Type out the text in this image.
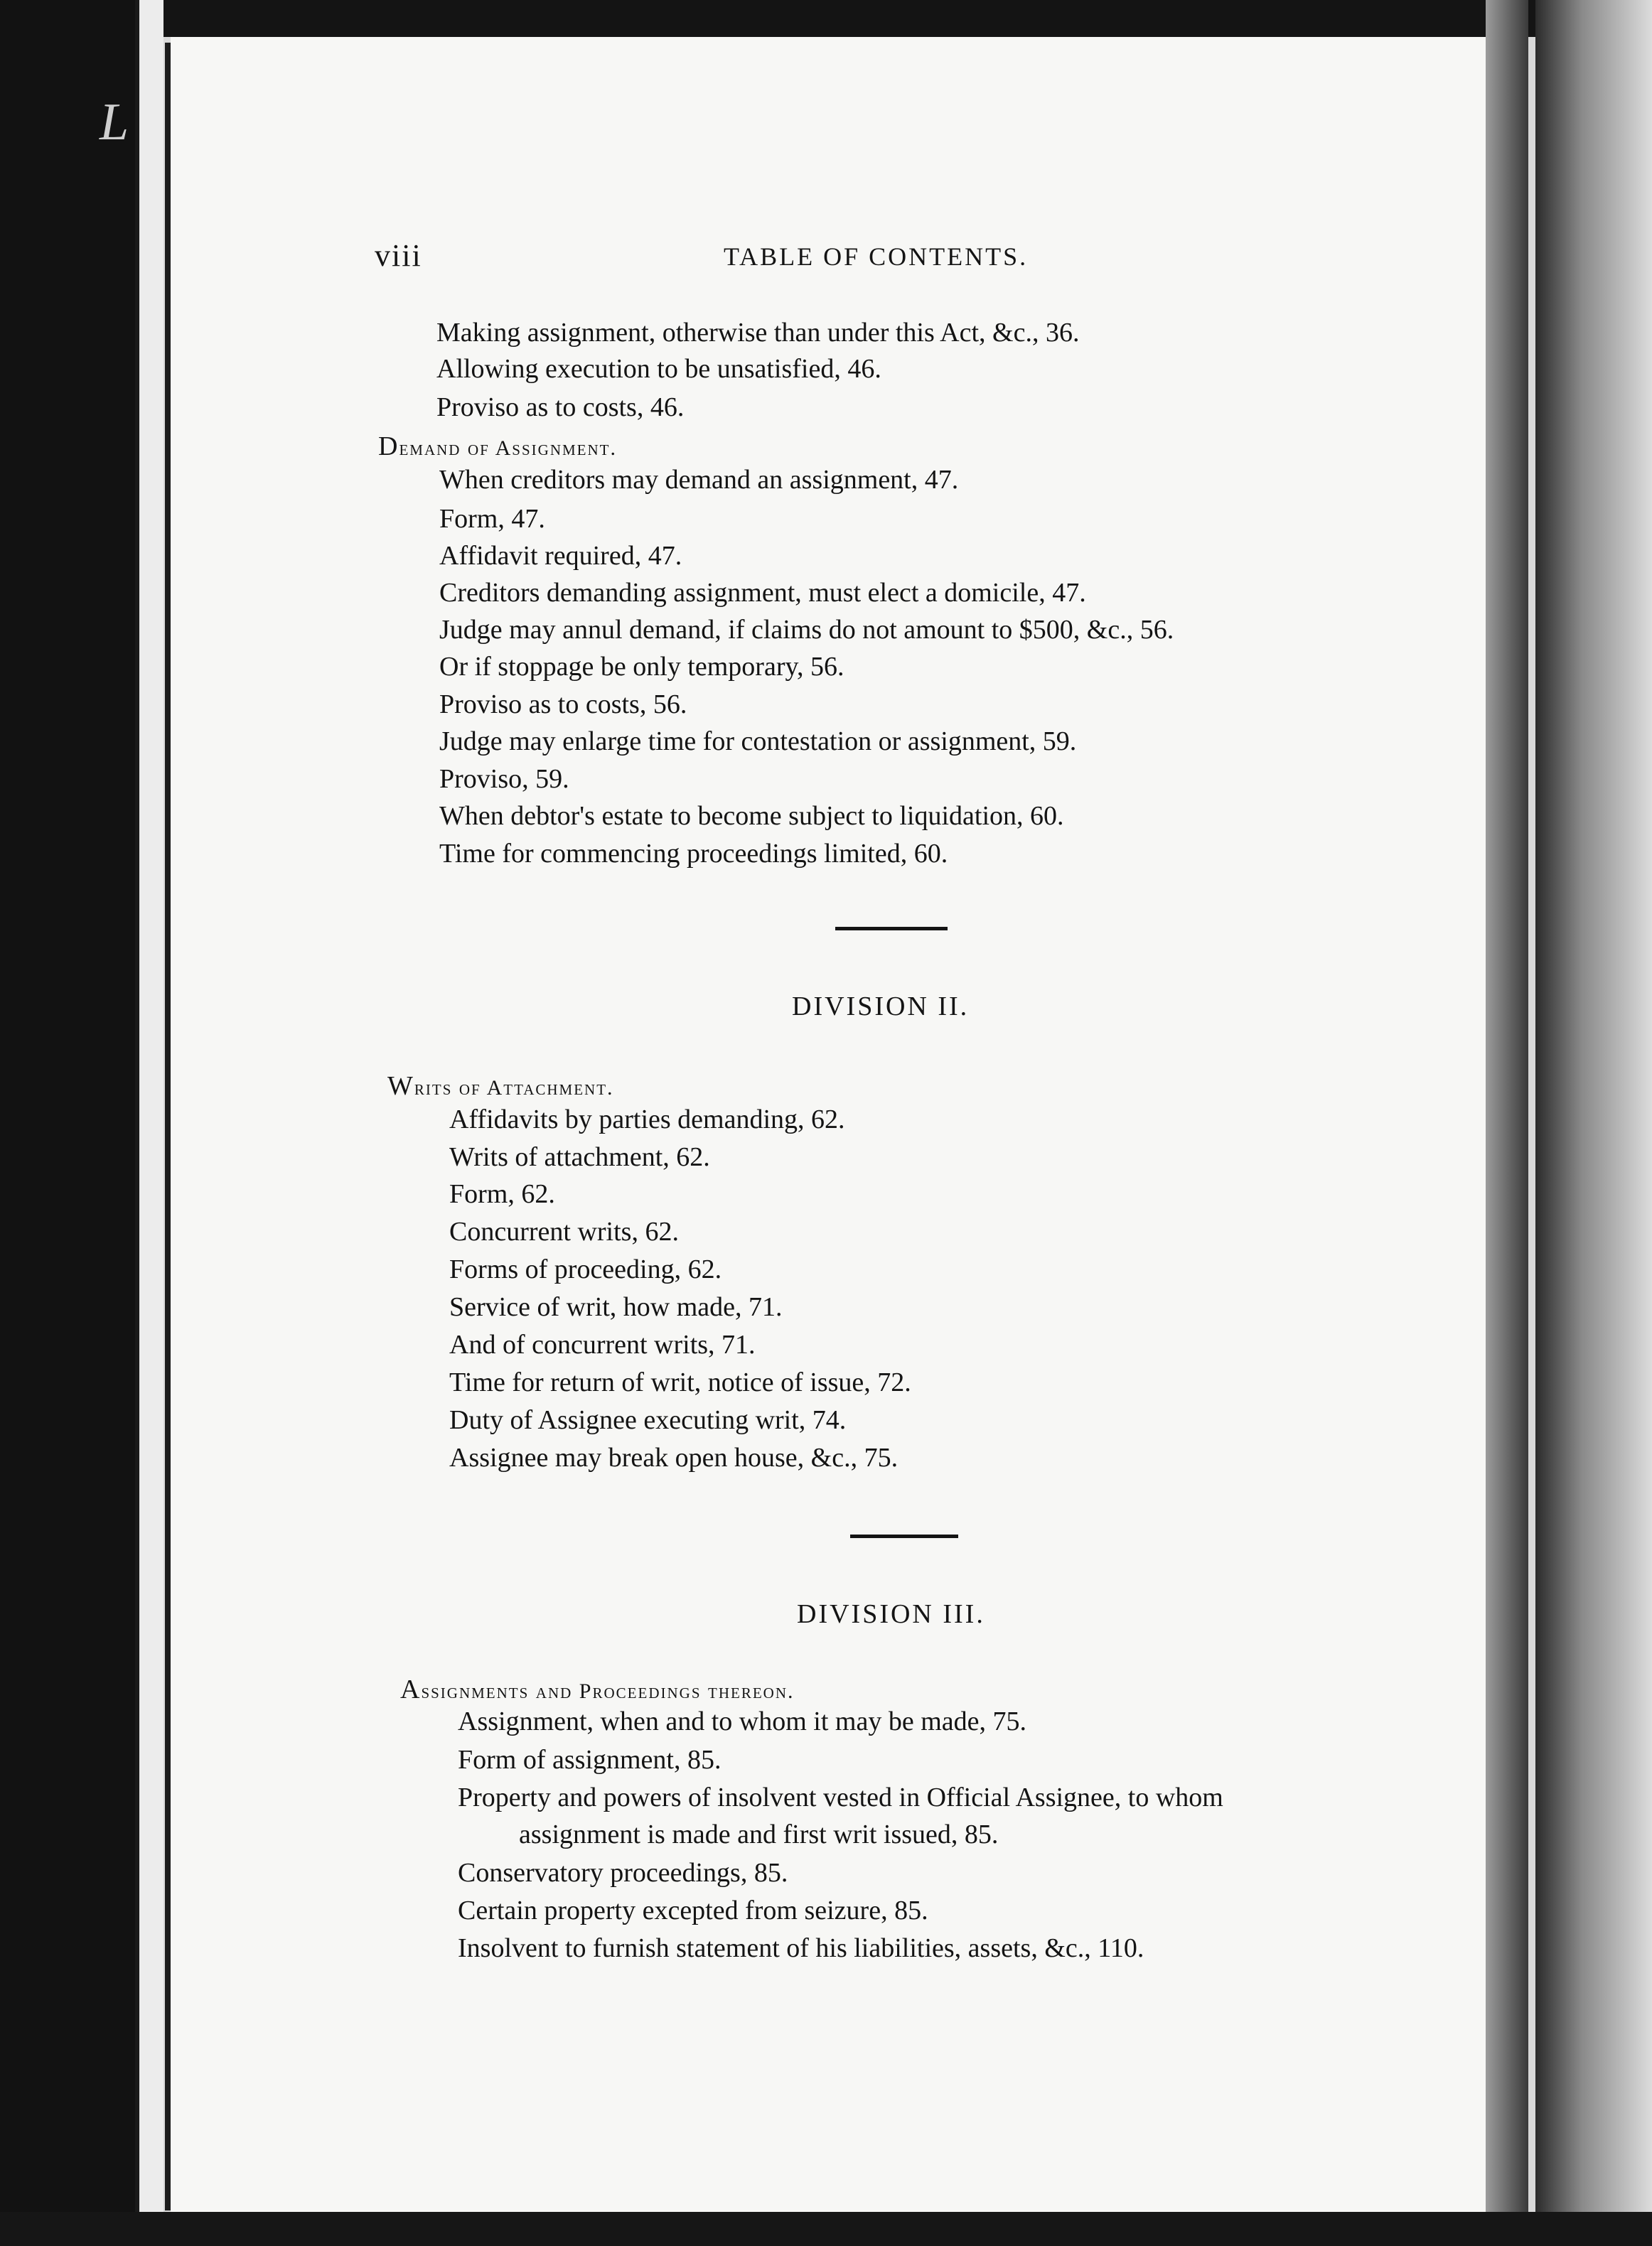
L
viii	TABLE OF CONTENTS.
Making assignment, otherwise than under this Act, &c., 36.
Allowing execution to be unsatisfied, 46.
Proviso as to costs, 46.
Demand of Assignment.
When creditors may demand an assignment, 47.
Form, 47.
Affidavit required, 47.
Creditors demanding assignment, must elect a domicile, 47.
Judge may annul demand, if claims do not amount to $500, &c., 56.
Or if stoppage be only temporary, 56.
Proviso as to costs, 56.
Judge may enlarge time for contestation or assignment, 59.
Proviso, 59.
When debtor's estate to become subject to liquidation, 60.
Time for commencing proceedings limited, 60.
DIVISION II.
Writs of Attachment.
Affidavits by parties demanding, 62.
Writs of attachment, 62.
Form, 62.
Concurrent writs, 62.
Forms of proceeding, 62.
Service of writ, how made, 71.
And of concurrent writs, 71.
Time for return of writ, notice of issue, 72.
Duty of Assignee executing writ, 74.
Assignee may break open house, &c., 75.
DIVISION III.
Assignments and Proceedings thereon.
Assignment, when and to whom it may be made, 75.
Form of assignment, 85.
Property and powers of insolvent vested in Official Assignee, to whom
assignment is made and first writ issued, 85.
Conservatory proceedings, 85.
Certain property excepted from seizure, 85.
Insolvent to furnish statement of his liabilities, assets, &c., 110.
